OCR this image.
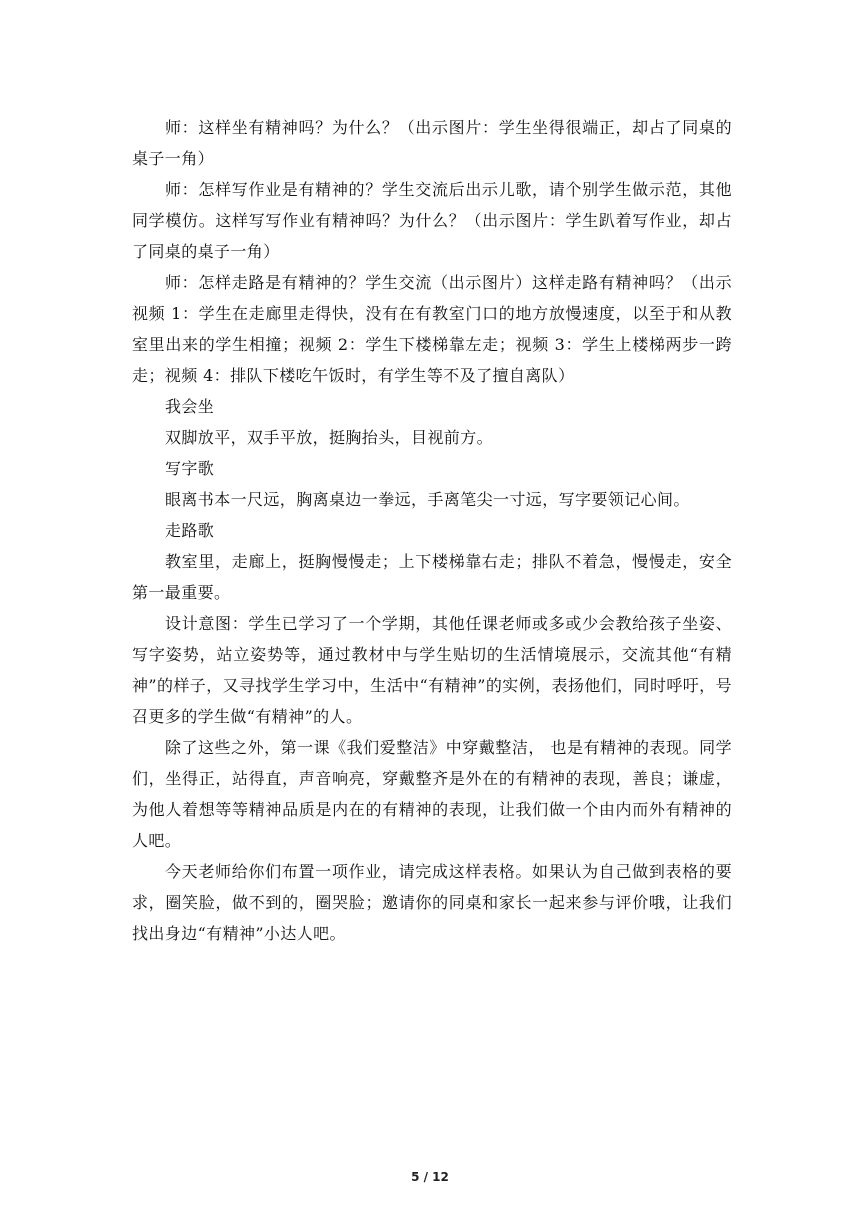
师：这样坐有精神吗？为什么？（出示图片：学生坐得很端正，却占了同桌的桌子一角）

师：怎样写作业是有精神的？学生交流后出示儿歌，请个别学生做示范，其他同学模仿。这样写写作业有精神吗？为什么？（出示图片：学生趴着写作业，却占了同桌的桌子一角）

师：怎样走路是有精神的？学生交流（出示图片）这样走路有精神吗？（出示视频 1：学生在走廊里走得快，没有在有教室门口的地方放慢速度，以至于和从教室里出来的学生相撞；视频 2：学生下楼梯靠左走；视频 3：学生上楼梯两步一跨走；视频 4：排队下楼吃午饭时，有学生等不及了擅自离队）

我会坐

双脚放平，双手平放，挺胸抬头，目视前方。

写字歌

眼离书本一尺远，胸离桌边一拳远，手离笔尖一寸远，写字要领记心间。

走路歌

教室里，走廊上，挺胸慢慢走；上下楼梯靠右走；排队不着急，慢慢走，安全第一最重要。

设计意图：学生已学习了一个学期，其他任课老师或多或少会教给孩子坐姿、写字姿势，站立姿势等，通过教材中与学生贴切的生活情境展示，交流其他“有精神”的样子，又寻找学生学习中，生活中“有精神”的实例，表扬他们，同时呼吁，号召更多的学生做“有精神”的人。

除了这些之外，第一课《我们爱整洁》中穿戴整洁， 也是有精神的表现。同学们，坐得正，站得直，声音响亮，穿戴整齐是外在的有精神的表现，善良；谦虚，为他人着想等等精神品质是内在的有精神的表现，让我们做一个由内而外有精神的人吧。

今天老师给你们布置一项作业，请完成这样表格。如果认为自己做到表格的要求，圈笑脸，做不到的，圈哭脸；邀请你的同桌和家长一起来参与评价哦，让我们找出身边“有精神”小达人吧。

5 / 12
